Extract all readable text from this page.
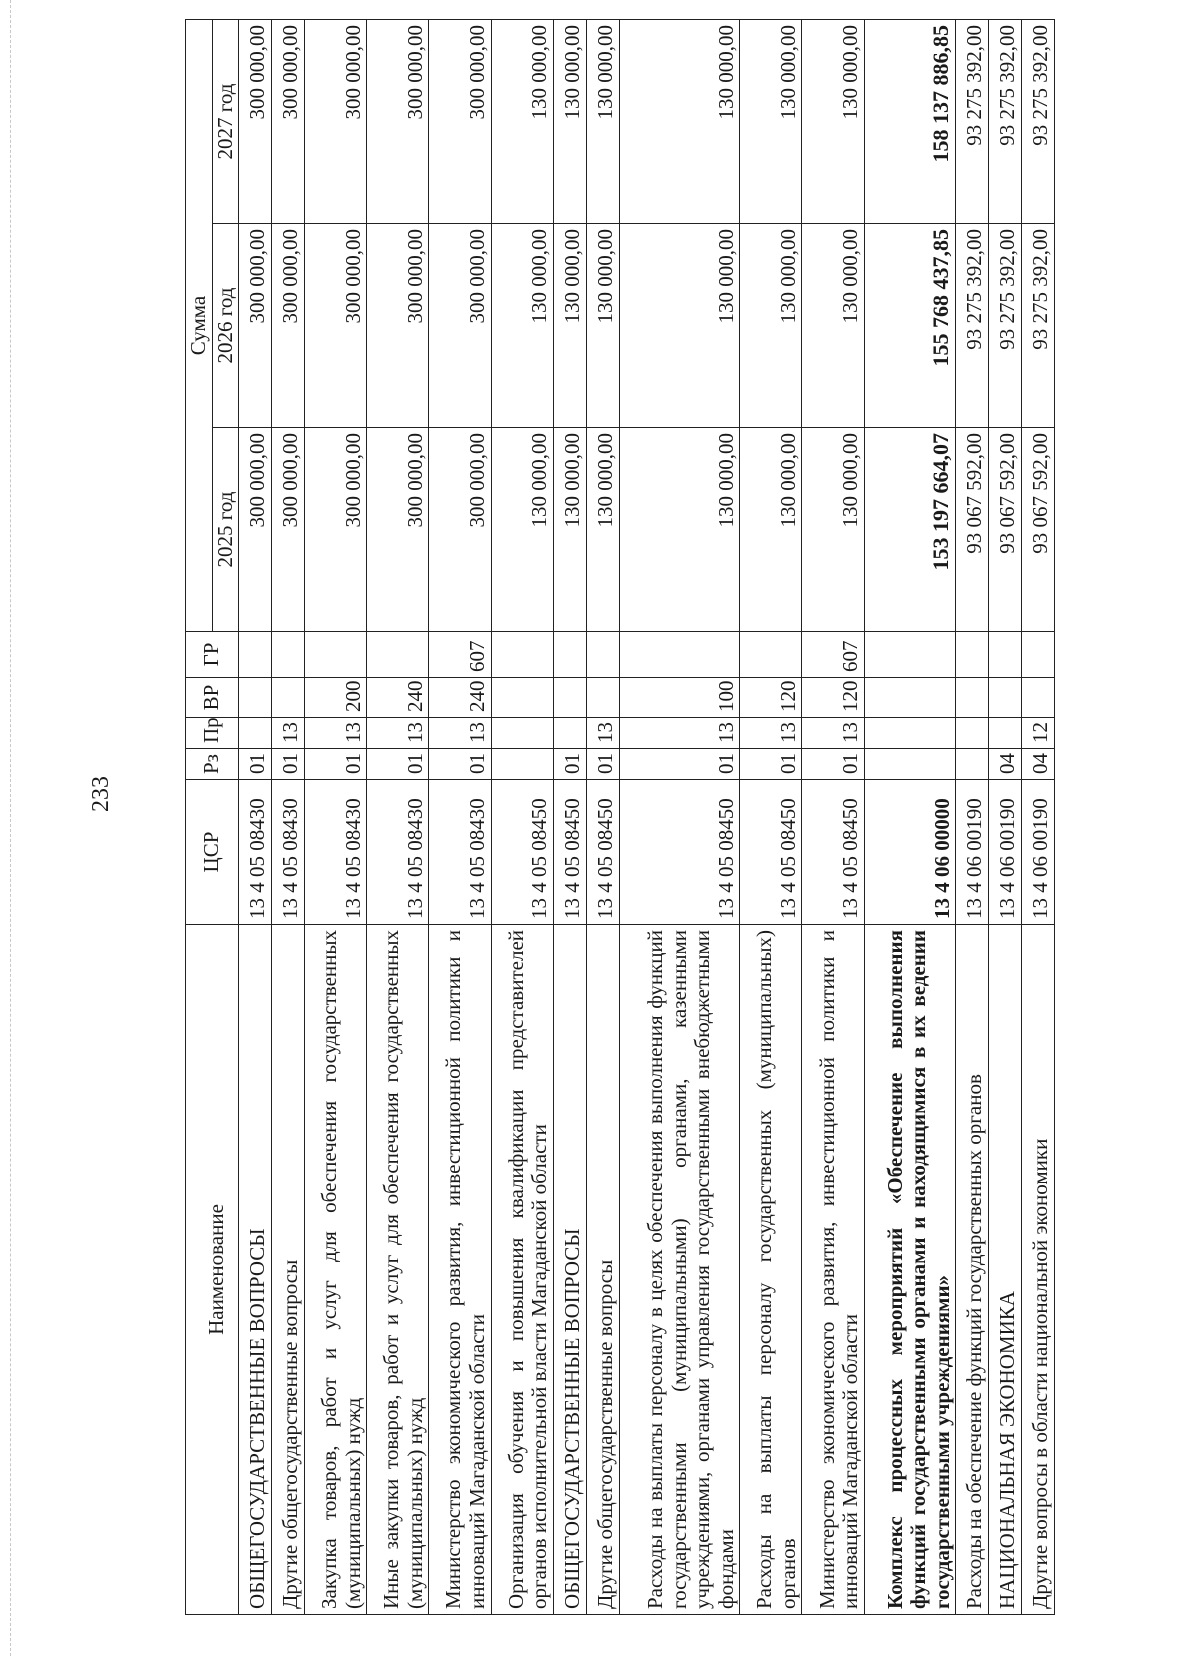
233
Наименование	ЦСР	Рз	Пр	ВР	ГР	Сумма		
						2025 год	2026 год	2027 год
ОБЩЕГОСУДАРСТВЕННЫЕ ВОПРОСЫ	13 4 05 08430	01				300 000,00	300 000,00	300 000,00
Другие общегосударственные вопросы	13 4 05 08430	01	13			300 000,00	300 000,00	300 000,00
Закупка товаров, работ и услуг для обеспечения государственных (муниципальных) нужд	13 4 05 08430	01	13	200		300 000,00	300 000,00	300 000,00
Иные закупки товаров, работ и услуг для обеспечения государственных (муниципальных) нужд	13 4 05 08430	01	13	240		300 000,00	300 000,00	300 000,00
Министерство экономического развития, инвестиционной политики и инноваций Магаданской области	13 4 05 08430	01	13	240	607	300 000,00	300 000,00	300 000,00
Организация обучения и повышения квалификации представителей органов исполнительной власти Магаданской области	13 4 05 08450					130 000,00	130 000,00	130 000,00
ОБЩЕГОСУДАРСТВЕННЫЕ ВОПРОСЫ	13 4 05 08450	01				130 000,00	130 000,00	130 000,00
Другие общегосударственные вопросы	13 4 05 08450	01	13			130 000,00	130 000,00	130 000,00
Расходы на выплаты персоналу в целях обеспечения выполнения функций государственными (муниципальными) органами, казенными учреждениями, органами управления государственными внебюджетными фондами	13 4 05 08450	01	13	100		130 000,00	130 000,00	130 000,00
Расходы на выплаты персоналу государственных (муниципальных) органов	13 4 05 08450	01	13	120		130 000,00	130 000,00	130 000,00
Министерство экономического развития, инвестиционной политики и инноваций Магаданской области	13 4 05 08450	01	13	120	607	130 000,00	130 000,00	130 000,00
Комплекс процессных мероприятий «Обеспечение выполнения функций государственными органами и находящимися в их ведении государственными учреждениями»	13 4 06 00000					153 197 664,07	155 768 437,85	158 137 886,85
Расходы на обеспечение функций государственных органов	13 4 06 00190					93 067 592,00	93 275 392,00	93 275 392,00
НАЦИОНАЛЬНАЯ ЭКОНОМИКА	13 4 06 00190	04				93 067 592,00	93 275 392,00	93 275 392,00
Другие вопросы в области национальной экономики	13 4 06 00190	04	12			93 067 592,00	93 275 392,00	93 275 392,00
